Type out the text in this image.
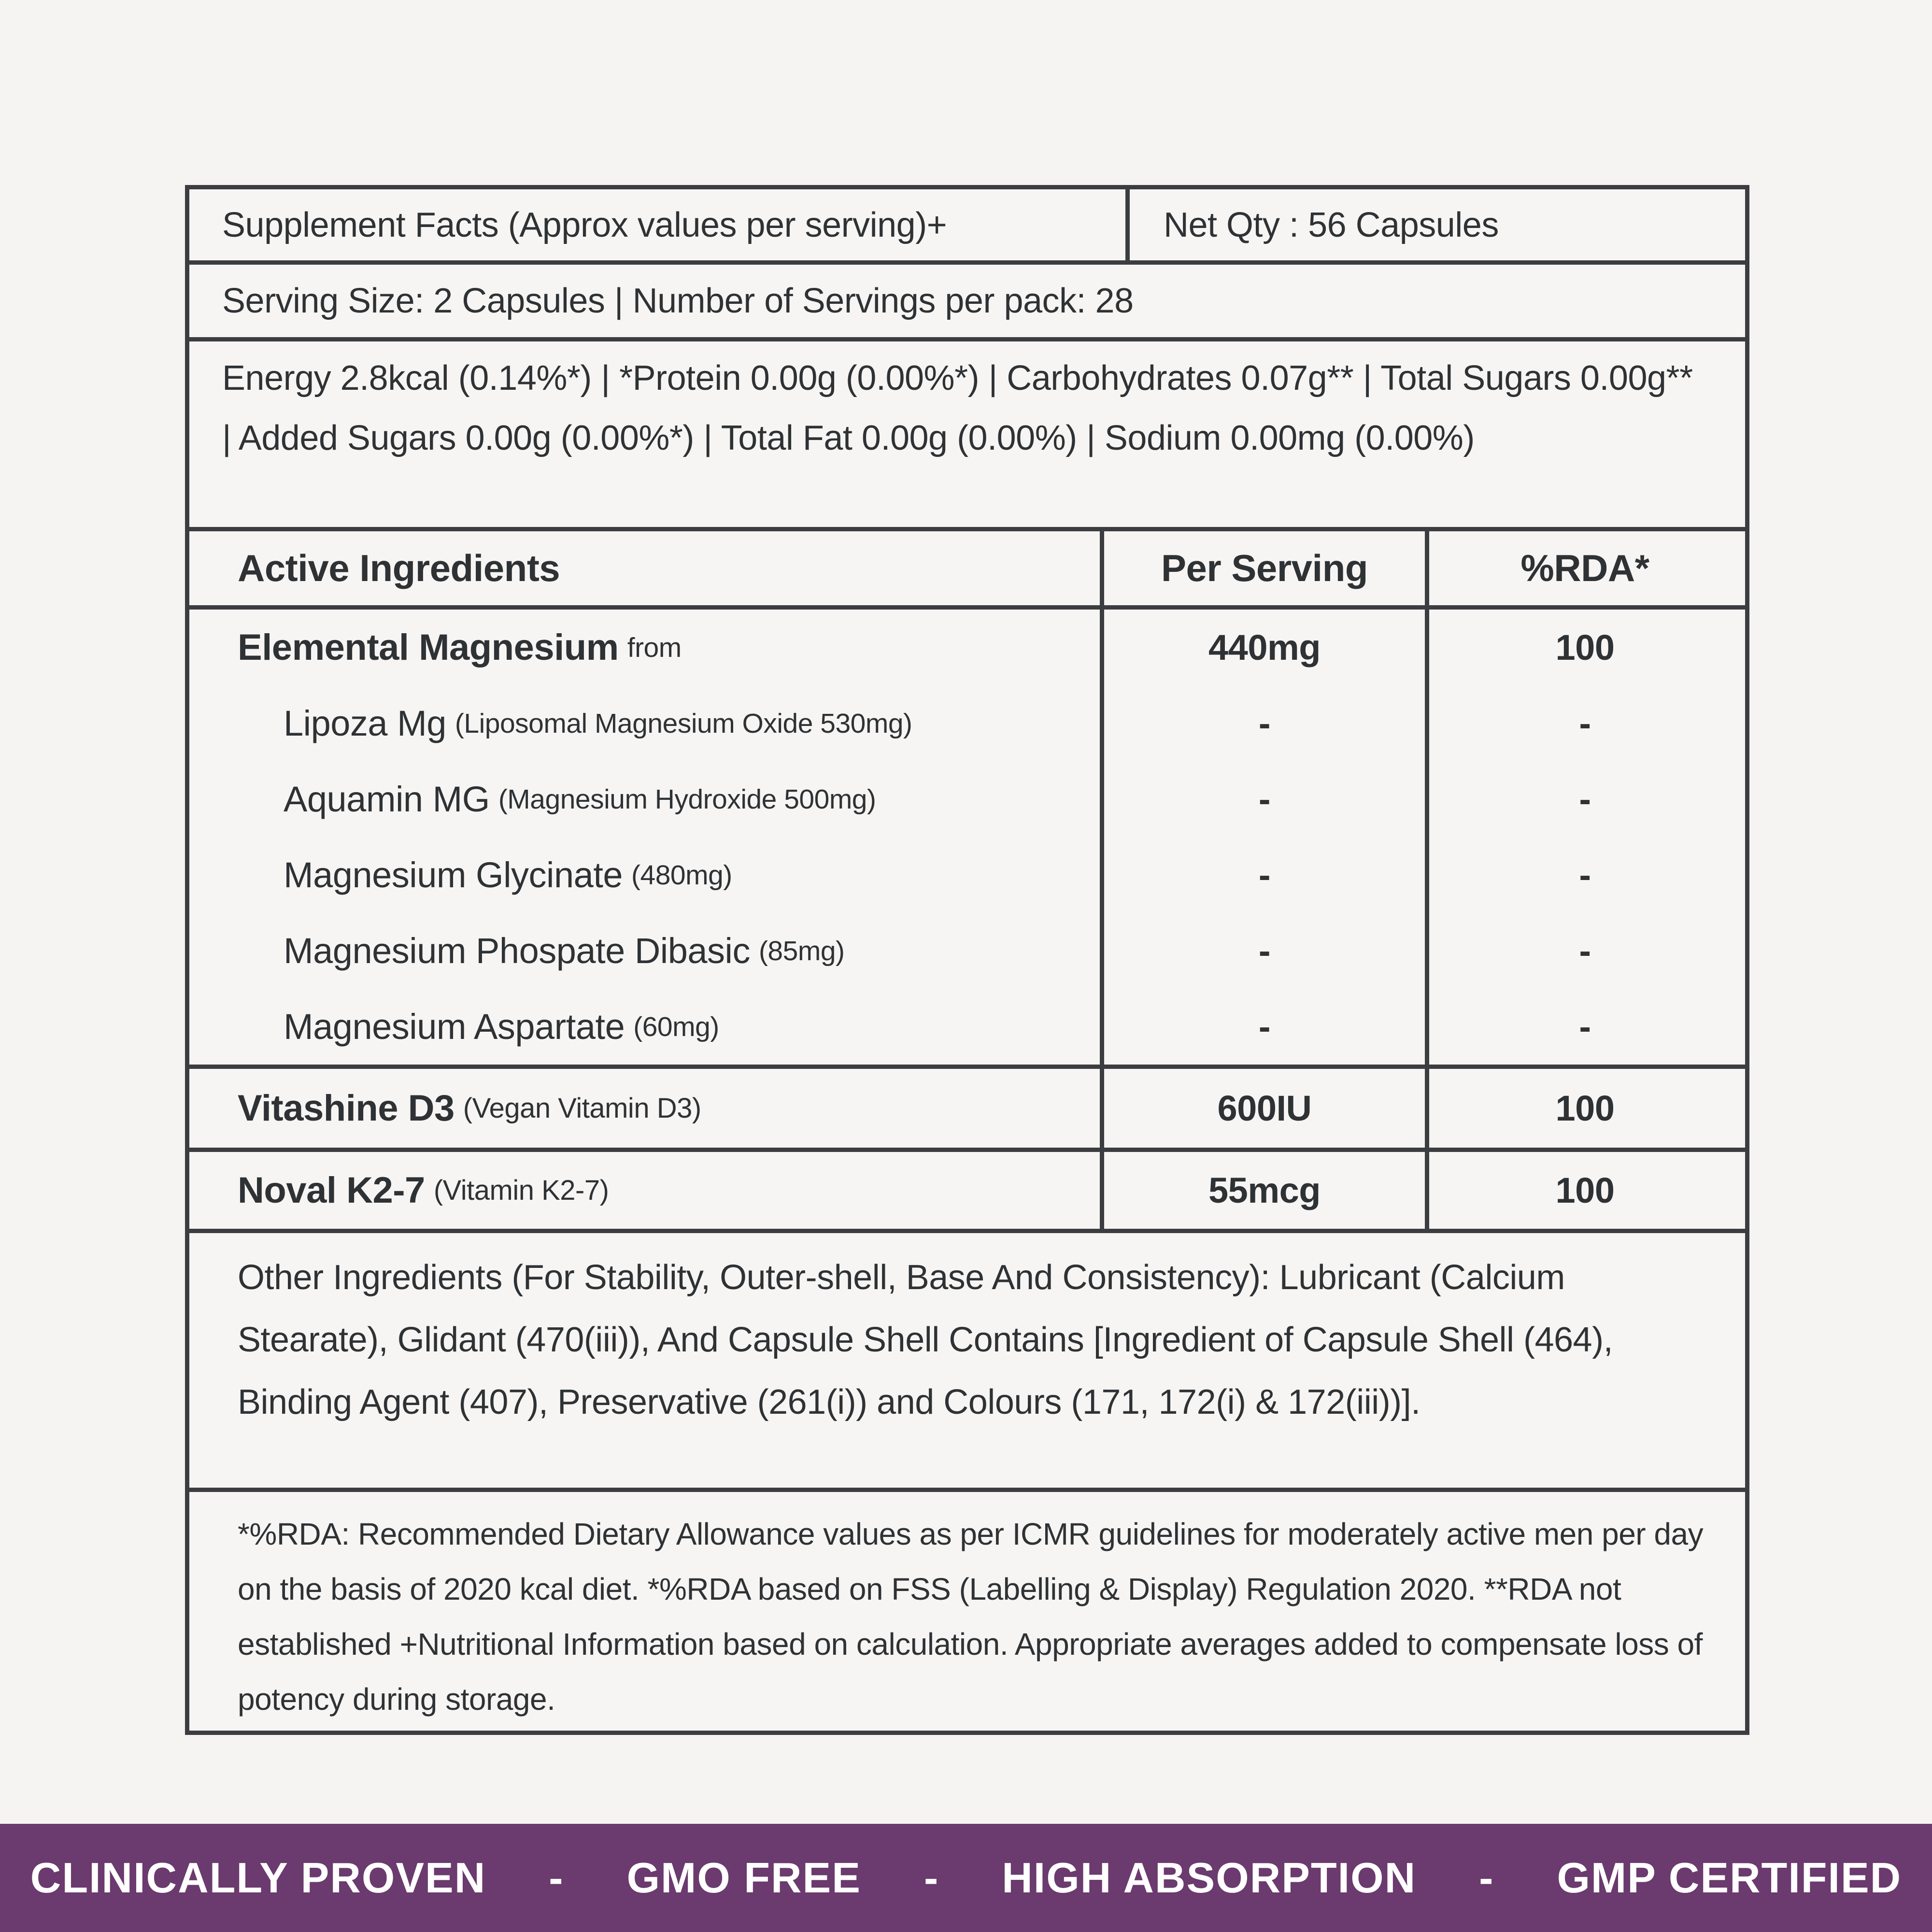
Supplement Facts (Approx values per serving)+	Net Qty : 56 Capsules
Serving Size: 2 Capsules | Number of Servings per pack: 28
Energy 2.8kcal (0.14%*) | *Protein 0.00g (0.00%*) | Carbohydrates 0.07g** | Total Sugars 0.00g** | Added Sugars 0.00g (0.00%*) | Total Fat 0.00g (0.00%) | Sodium 0.00mg (0.00%)
Active Ingredients	Per Serving	%RDA*
Elemental Magnesium from	440mg	100
Lipoza Mg (Liposomal Magnesium Oxide 530mg)	-	-
Aquamin MG (Magnesium Hydroxide 500mg)	-	-
Magnesium Glycinate (480mg)	-	-
Magnesium Phospate Dibasic (85mg)	-	-
Magnesium Aspartate (60mg)	-	-
Vitashine D3 (Vegan Vitamin D3)	600IU	100
Noval K2-7 (Vitamin K2-7)	55mcg	100
Other Ingredients (For Stability, Outer-shell, Base And Consistency): Lubricant (Calcium Stearate), Glidant (470(iii)), And Capsule Shell Contains [Ingredient of Capsule Shell (464), Binding Agent (407), Preservative (261(i)) and Colours (171, 172(i) & 172(iii))].
*%RDA: Recommended Dietary Allowance values as per ICMR guidelines for moderately active men per day on the basis of 2020 kcal diet. *%RDA based on FSS (Labelling & Display) Regulation 2020. **RDA not established +Nutritional Information based on calculation. Appropriate averages added to compensate loss of potency during storage.
CLINICALLY PROVEN - GMO FREE - HIGH ABSORPTION - GMP CERTIFIED
